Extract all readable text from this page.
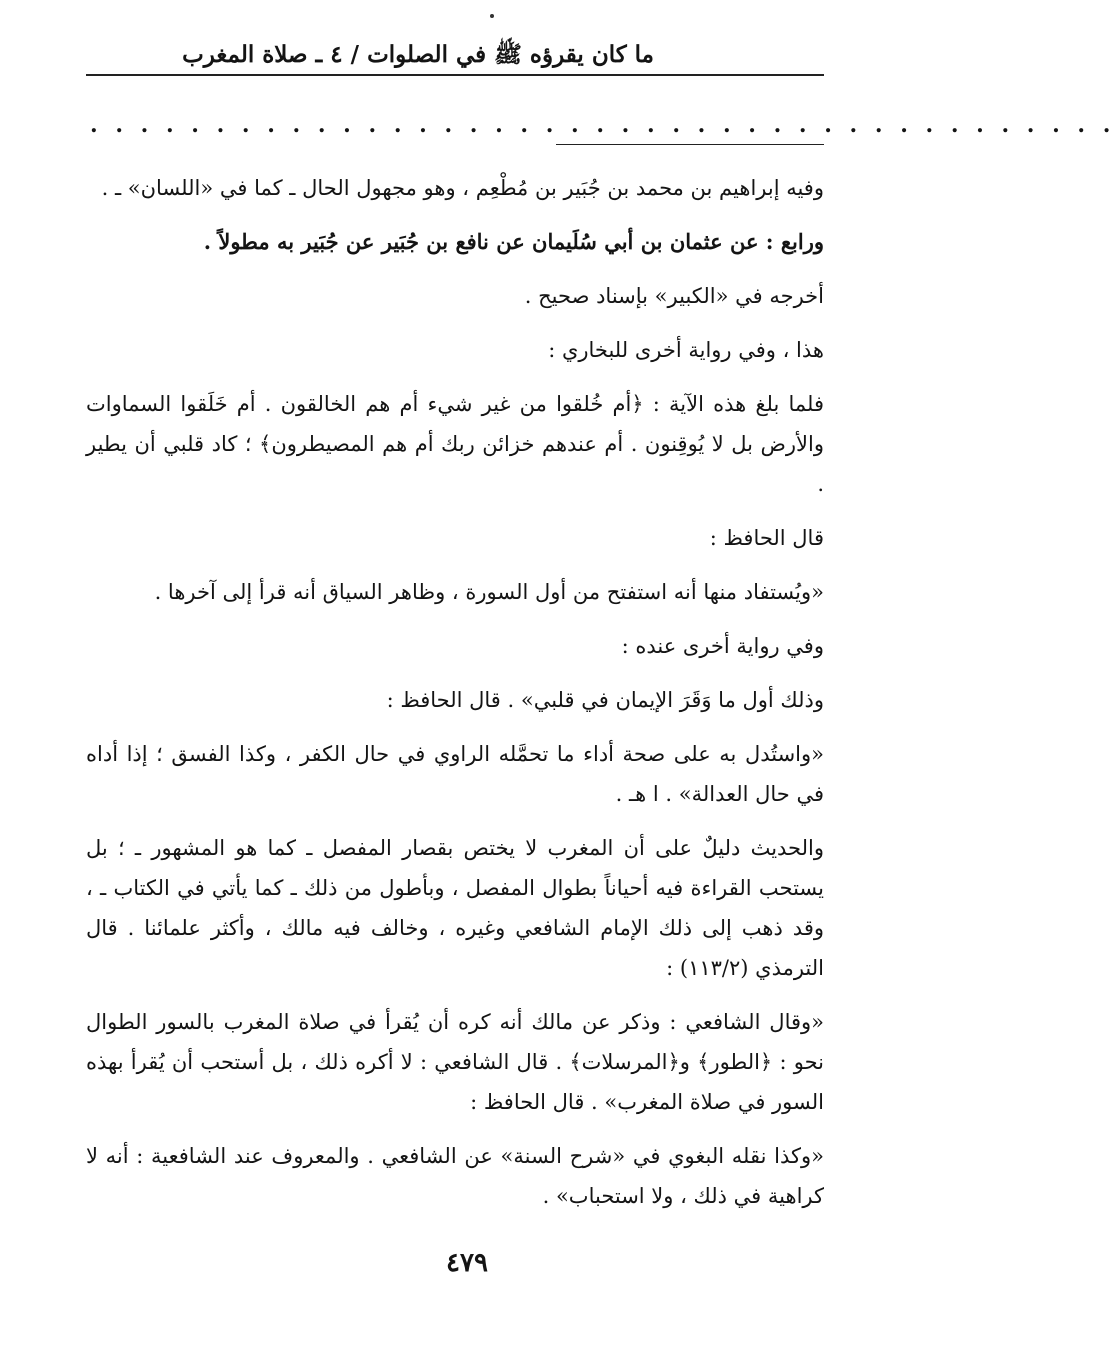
ما كان يقرؤه ﷺ في الصلوات / ٤ ـ صلاة المغرب
. . . . . . . . . . . . . . . . . . . . . . . . . . . . . . . . . . . . . . . . .

وفيه إبراهيم بن محمد بن جُبَير بن مُطْعِم ، وهو مجهول الحال ـ كما في «اللسان» ـ .

ورابع : عن عثمان بن أبي سُلَيمان عن نافع بن جُبَير عن جُبَير به مطولاً .

أخرجه في «الكبير» بإسناد صحيح .

هذا ، وفي رواية أخرى للبخاري :

فلما بلغ هذه الآية : ﴿أم خُلقوا من غير شيء أم هم الخالقون . أم خَلَقوا السماوات والأرض بل لا يُوقِنون . أم عندهم خزائن ربك أم هم المصيطرون﴾ ؛ كاد قلبي أن يطير .

قال الحافظ :

«ويُستفاد منها أنه استفتح من أول السورة ، وظاهر السياق أنه قرأ إلى آخرها .

وفي رواية أخرى عنده :

وذلك أول ما وَقَرَ الإيمان في قلبي» . قال الحافظ :

«واستُدل به على صحة أداء ما تحمَّله الراوي في حال الكفر ، وكذا الفسق ؛ إذا أداه في حال العدالة» . ا هـ .

والحديث دليلٌ على أن المغرب لا يختص بقصار المفصل ـ كما هو المشهور ـ ؛ بل يستحب القراءة فيه أحياناً بطوال المفصل ، وبأطول من ذلك ـ كما يأتي في الكتاب ـ ، وقد ذهب إلى ذلك الإمام الشافعي وغيره ، وخالف فيه مالك ، وأكثر علمائنا . قال الترمذي (١١٣/٢) :

«وقال الشافعي : وذكر عن مالك أنه كره أن يُقرأ في صلاة المغرب بالسور الطوال نحو : ﴿الطور﴾ و﴿المرسلات﴾ . قال الشافعي : لا أكره ذلك ، بل أستحب أن يُقرأ بهذه السور في صلاة المغرب» . قال الحافظ :

«وكذا نقله البغوي في «شرح السنة» عن الشافعي . والمعروف عند الشافعية : أنه لا كراهية في ذلك ، ولا استحباب» .

٤٧٩
